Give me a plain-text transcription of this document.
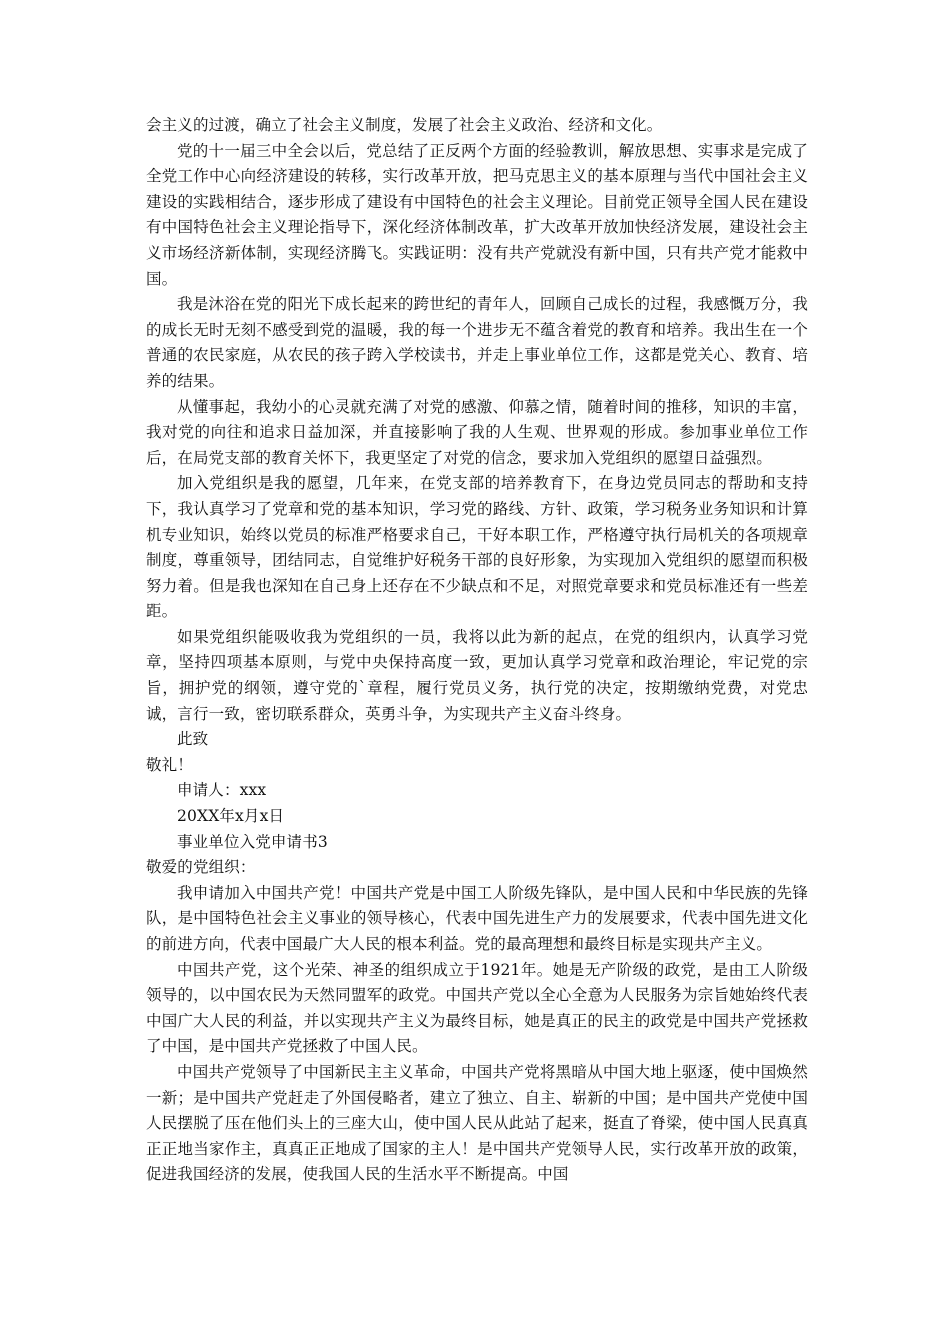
会主义的过渡，确立了社会主义制度，发展了社会主义政治、经济和文化。

党的十一届三中全会以后，党总结了正反两个方面的经验教训，解放思想、实事求是完成了全党工作中心向经济建设的转移，实行改革开放，把马克思主义的基本原理与当代中国社会主义建设的实践相结合，逐步形成了建设有中国特色的社会主义理论。目前党正领导全国人民在建设有中国特色社会主义理论指导下，深化经济体制改革，扩大改革开放加快经济发展，建设社会主义市场经济新体制，实现经济腾飞。实践证明：没有共产党就没有新中国，只有共产党才能救中国。

我是沐浴在党的阳光下成长起来的跨世纪的青年人，回顾自己成长的过程，我感慨万分，我的成长无时无刻不感受到党的温暖，我的每一个进步无不蕴含着党的教育和培养。我出生在一个普通的农民家庭，从农民的孩子跨入学校读书，并走上事业单位工作，这都是党关心、教育、培养的结果。

从懂事起，我幼小的心灵就充满了对党的感激、仰慕之情，随着时间的推移，知识的丰富，我对党的向往和追求日益加深，并直接影响了我的人生观、世界观的形成。参加事业单位工作后，在局党支部的教育关怀下，我更坚定了对党的信念，要求加入党组织的愿望日益强烈。

加入党组织是我的愿望，几年来，在党支部的培养教育下，在身边党员同志的帮助和支持下，我认真学习了党章和党的基本知识，学习党的路线、方针、政策，学习税务业务知识和计算机专业知识，始终以党员的标准严格要求自己，干好本职工作，严格遵守执行局机关的各项规章制度，尊重领导，团结同志，自觉维护好税务干部的良好形象，为实现加入党组织的愿望而积极努力着。但是我也深知在自己身上还存在不少缺点和不足，对照党章要求和党员标准还有一些差距。

如果党组织能吸收我为党组织的一员，我将以此为新的起点，在党的组织内，认真学习党章，坚持四项基本原则，与党中央保持高度一致，更加认真学习党章和政治理论，牢记党的宗旨，拥护党的纲领，遵守党的`章程，履行党员义务，执行党的决定，按期缴纳党费，对党忠诚，言行一致，密切联系群众，英勇斗争，为实现共产主义奋斗终身。

此致

敬礼！

申请人：xxx

20XX年x月x日

事业单位入党申请书3

敬爱的党组织：

我申请加入中国共产党！中国共产党是中国工人阶级先锋队，是中国人民和中华民族的先锋队，是中国特色社会主义事业的领导核心，代表中国先进生产力的发展要求，代表中国先进文化的前进方向，代表中国最广大人民的根本利益。党的最高理想和最终目标是实现共产主义。

中国共产党，这个光荣、神圣的组织成立于1921年。她是无产阶级的政党，是由工人阶级领导的，以中国农民为天然同盟军的政党。中国共产党以全心全意为人民服务为宗旨她始终代表中国广大人民的利益，并以实现共产主义为最终目标，她是真正的民主的政党是中国共产党拯救了中国，是中国共产党拯救了中国人民。

中国共产党领导了中国新民主主义革命，中国共产党将黑暗从中国大地上驱逐，使中国焕然一新；是中国共产党赶走了外国侵略者，建立了独立、自主、崭新的中国；是中国共产党使中国人民摆脱了压在他们头上的三座大山，使中国人民从此站了起来，挺直了脊梁，使中国人民真真正正地当家作主，真真正正地成了国家的主人！是中国共产党领导人民，实行改革开放的政策，促进我国经济的发展，使我国人民的生活水平不断提高。中国
